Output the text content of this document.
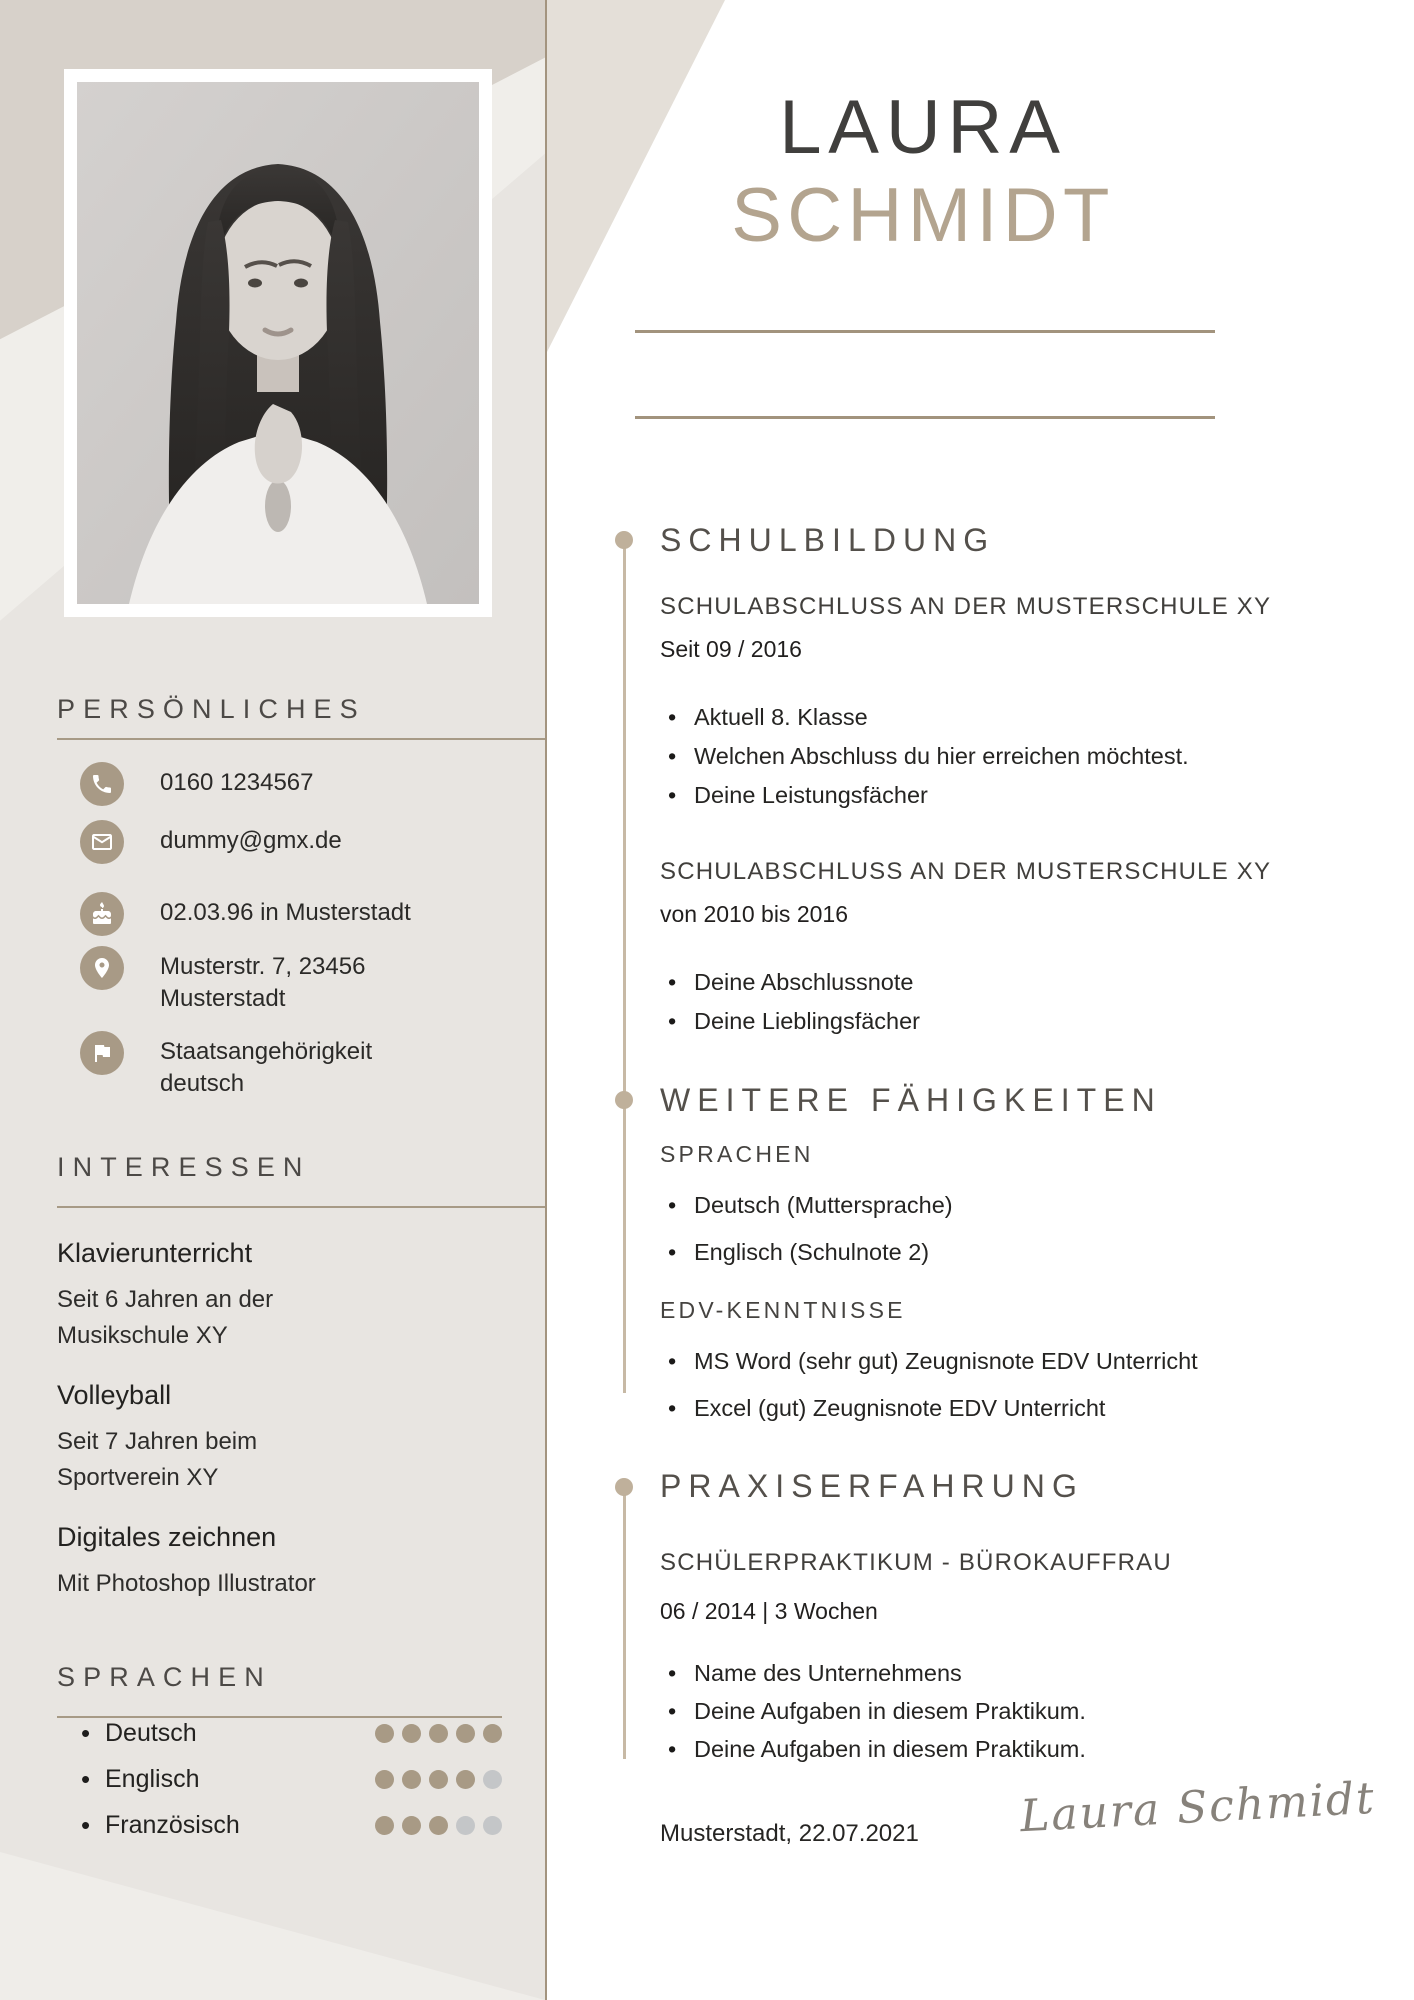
PERSÖNLICHES
0160 1234567
dummy@gmx.de
02.03.96 in Musterstadt
Musterstr. 7, 23456 Musterstadt
Staatsangehörigkeit deutsch
INTERESSEN
Klavierunterricht
Seit 6 Jahren an der Musikschule XY
Volleyball
Seit 7 Jahren beim Sportverein XY
Digitales zeichnen
Mit Photoshop Illustrator
SPRACHEN
• Deutsch
• Englisch
• Französisch
LAURA
SCHMIDT
SCHULBILDUNG
SCHULABSCHLUSS AN DER MUSTERSCHULE XY
Seit 09 / 2016
• Aktuell 8. Klasse
• Welchen Abschluss du hier erreichen möchtest.
• Deine Leistungsfächer
SCHULABSCHLUSS AN DER MUSTERSCHULE XY
von 2010 bis 2016
• Deine Abschlussnote
• Deine Lieblingsfächer
WEITERE FÄHIGKEITEN
SPRACHEN
• Deutsch (Muttersprache)
• Englisch (Schulnote 2)
EDV-KENNTNISSE
• MS Word (sehr gut) Zeugnisnote EDV Unterricht
• Excel (gut) Zeugnisnote EDV Unterricht
PRAXISERFAHRUNG
SCHÜLERPRAKTIKUM - BÜROKAUFFRAU
06 / 2014 | 3 Wochen
• Name des Unternehmens
• Deine Aufgaben in diesem Praktikum.
• Deine Aufgaben in diesem Praktikum.
Musterstadt, 22.07.2021 Laura Schmidt
